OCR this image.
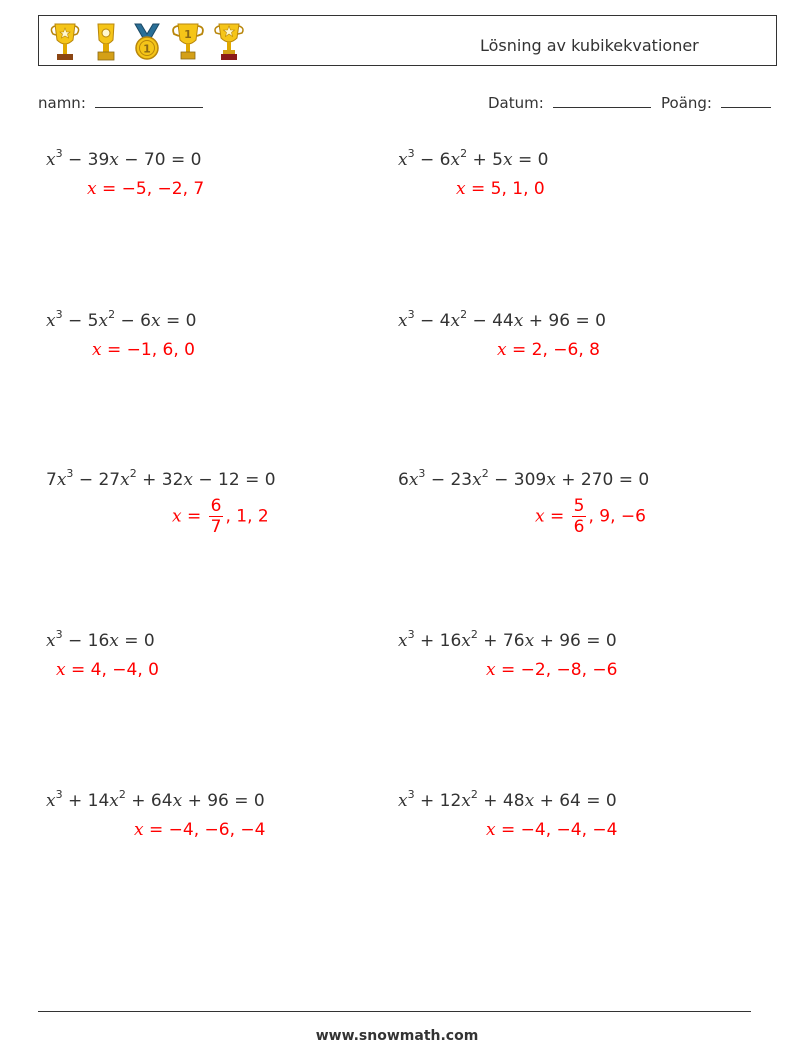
1
1
Lösning av kubikekvationer
namn:	Datum:	Poäng:
$x^3 - 39x - 70 = 0$
x = −5, −2, 7
$x^3 - 6x^2 + 5x = 0$
x = 5, 1, 0
$x^3 - 5x^2 - 6x = 0$
x = −1, 6, 0
$x^3 - 4x^2 - 44x + 96 = 0$
x = 2, −6, 8
$7x^3 - 27x^2 + 32x - 12 = 0$
$x = \frac{6}{7}$ , 1, 2
$6x^3 - 23x^2 - 309x + 270 = 0$
$x = \frac{5}{6}$ , 9, −6
$x^3 - 16x = 0$
x = 4, −4, 0
$x^3 + 16x^2 + 76x + 96 = 0$
x = −2, −8, −6
$x^3 + 14x^2 + 64x + 96 = 0$
x = −4, −6, −4
$x^3 + 12x^2 + 48x + 64 = 0$
x = −4, −4, −4
www.snowmath.com
